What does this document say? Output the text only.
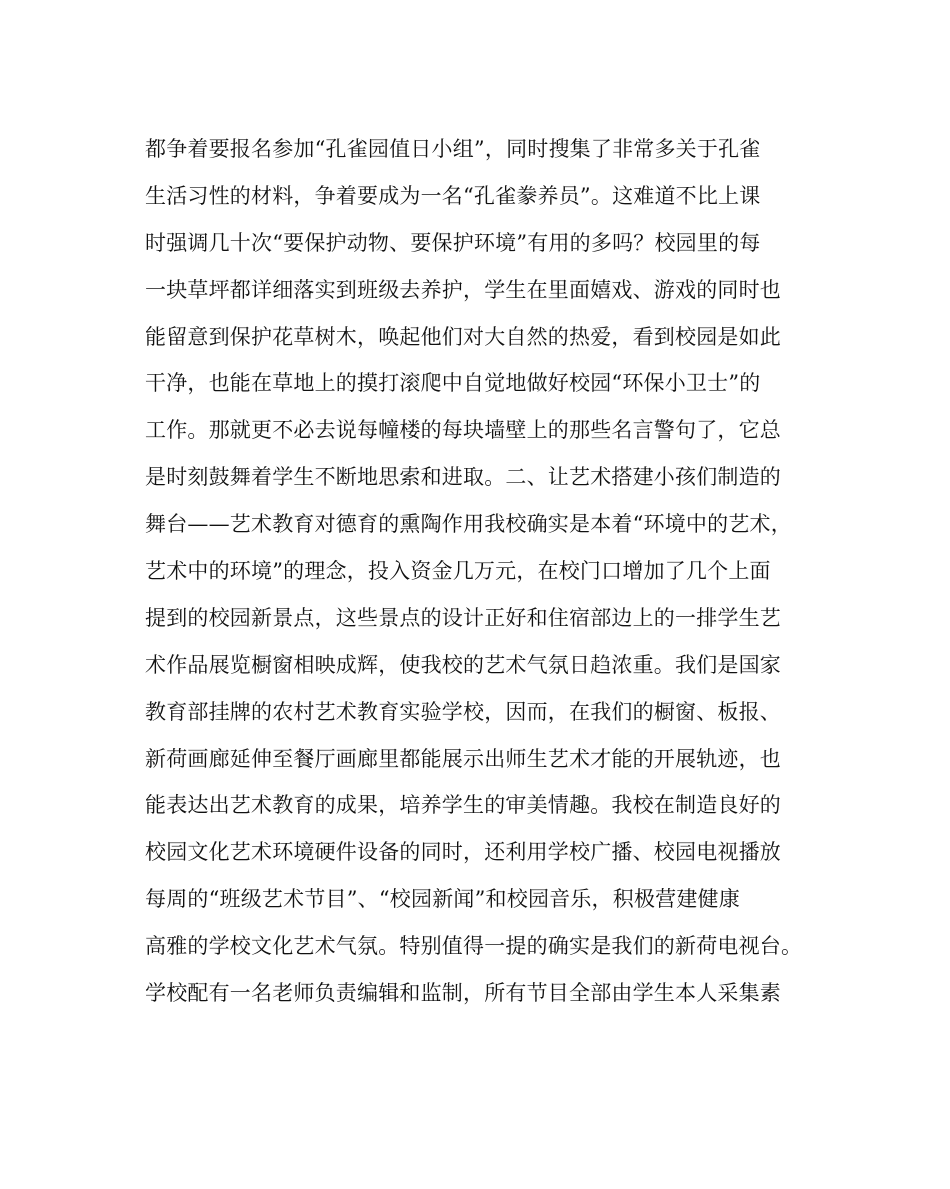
都争着要报名参加“孔雀园值日小组”，同时搜集了非常多关于孔雀
生活习性的材料，争着要成为一名“孔雀豢养员”。这难道不比上课
时强调几十次“要保护动物、要保护环境”有用的多吗？校园里的每
一块草坪都详细落实到班级去养护，学生在里面嬉戏、游戏的同时也
能留意到保护花草树木，唤起他们对大自然的热爱，看到校园是如此
干净，也能在草地上的摸打滚爬中自觉地做好校园“环保小卫士”的
工作。那就更不必去说每幢楼的每块墙壁上的那些名言警句了，它总
是时刻鼓舞着学生不断地思索和进取。二、让艺术搭建小孩们制造的
舞台——艺术教育对德育的熏陶作用我校确实是本着“环境中的艺术，
艺术中的环境”的理念，投入资金几万元，在校门口增加了几个上面
提到的校园新景点，这些景点的设计正好和住宿部边上的一排学生艺
术作品展览橱窗相映成辉，使我校的艺术气氛日趋浓重。我们是国家
教育部挂牌的农村艺术教育实验学校，因而，在我们的橱窗、板报、
新荷画廊延伸至餐厅画廊里都能展示出师生艺术才能的开展轨迹，也
能表达出艺术教育的成果，培养学生的审美情趣。我校在制造良好的
校园文化艺术环境硬件设备的同时，还利用学校广播、校园电视播放
每周的“班级艺术节目”、“校园新闻”和校园音乐，积极营建健康
高雅的学校文化艺术气氛。特别值得一提的确实是我们的新荷电视台。
学校配有一名老师负责编辑和监制，所有节目全部由学生本人采集素
